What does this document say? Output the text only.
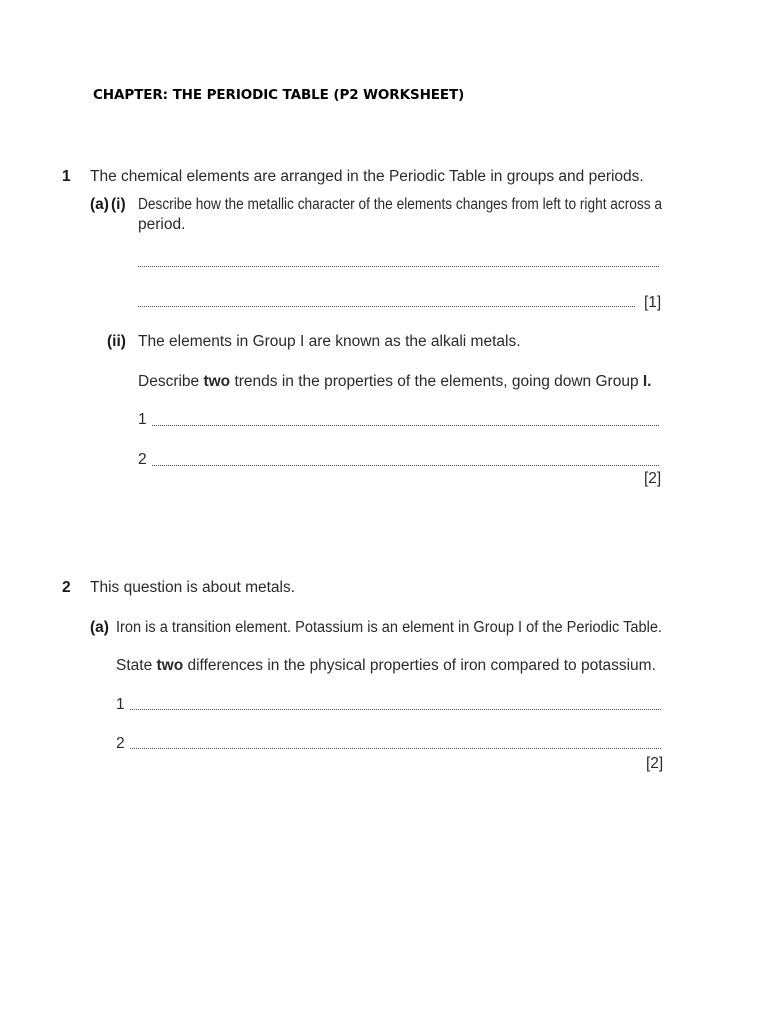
CHAPTER: THE PERIODIC TABLE (P2 WORKSHEET)
1 The chemical elements are arranged in the Periodic Table in groups and periods.
(a) (i) Describe how the metallic character of the elements changes from left to right across a
period.
[1]
(ii) The elements in Group I are known as the alkali metals.
Describe two trends in the properties of the elements, going down Group I.
1
2
[2]
2 This question is about metals.
(a) Iron is a transition element. Potassium is an element in Group I of the Periodic Table.
State two differences in the physical properties of iron compared to potassium.
1
2
[2]
